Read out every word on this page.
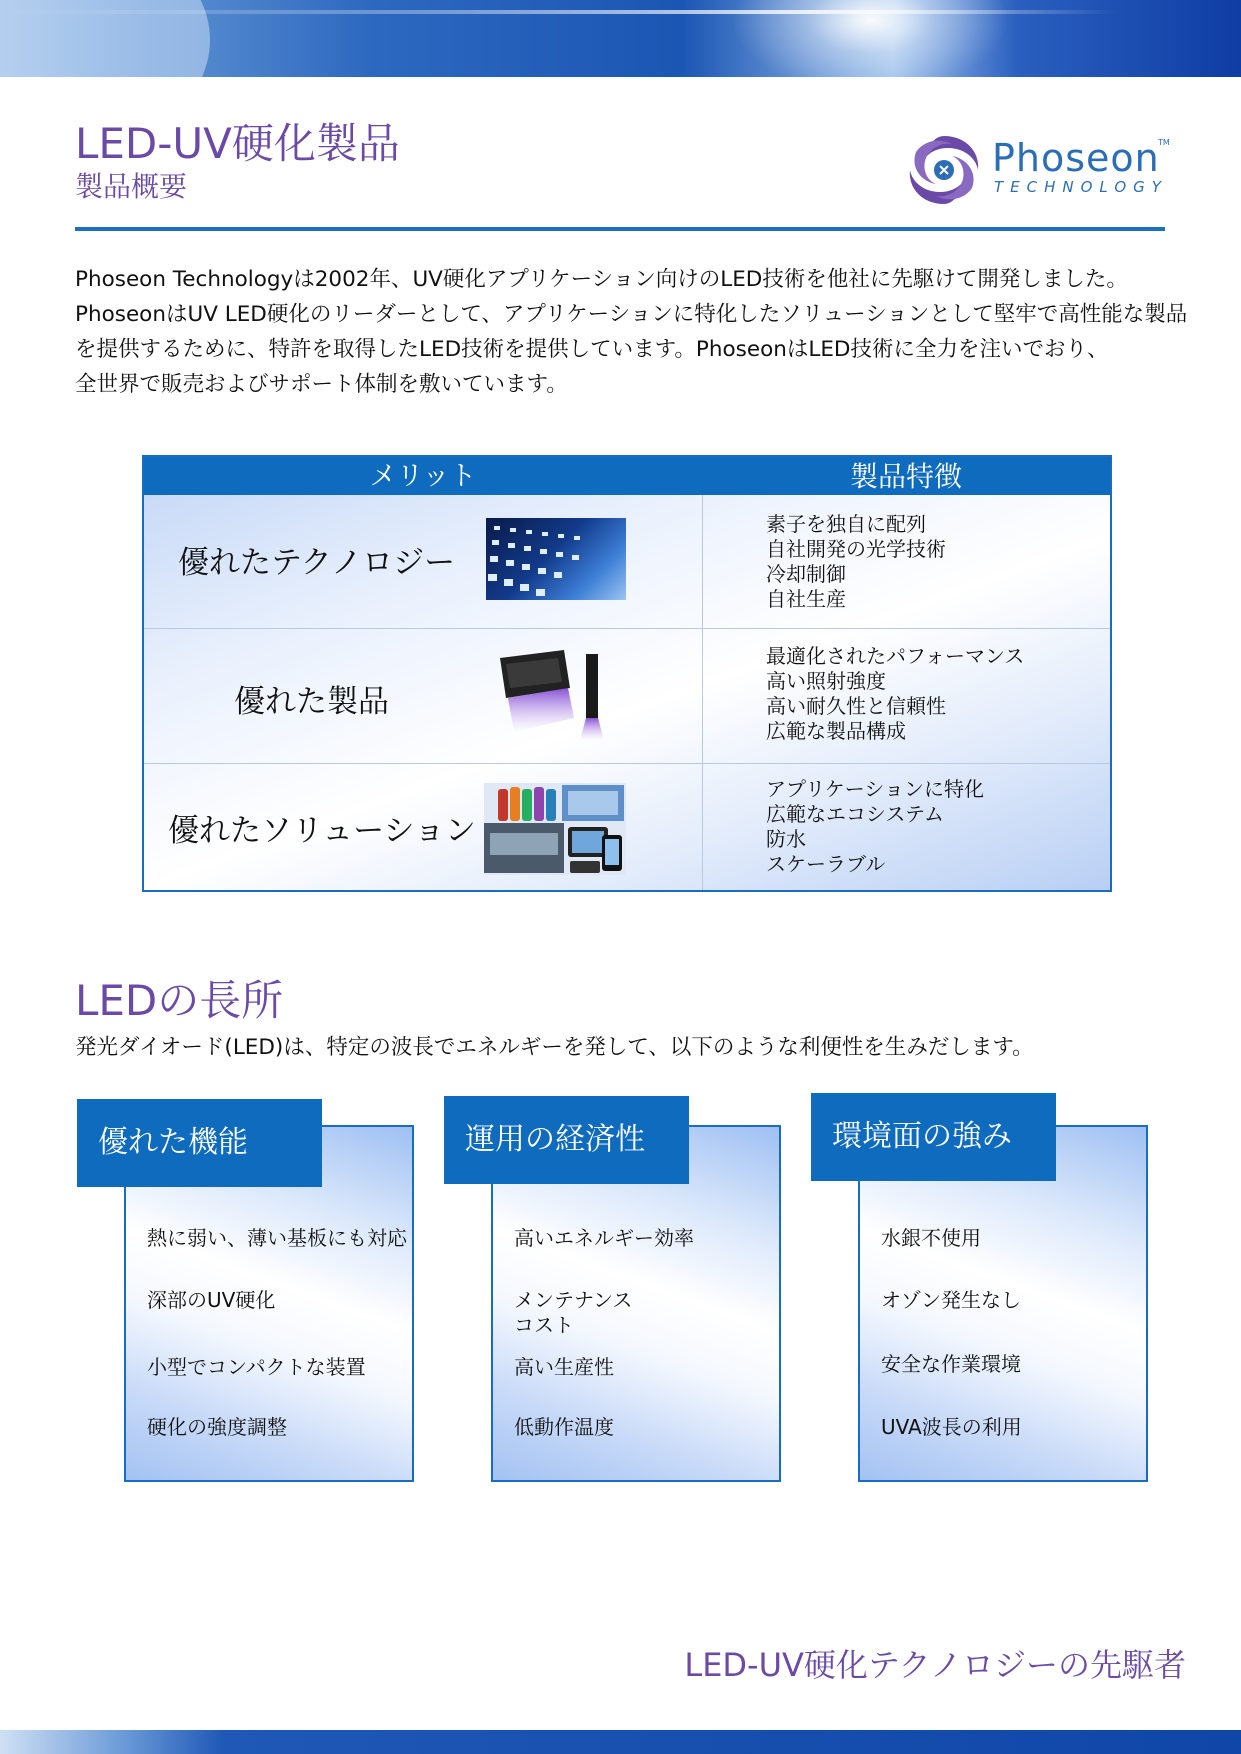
LED-UV硬化製品
製品概要
Phoseon
TM
TECHNOLOGY

Phoseon Technologyは2002年、UV硬化アプリケーション向けのLED技術を他社に先駆けて開発しました。

PhoseonはUV LED硬化のリーダーとして、アプリケーションに特化したソリューションとして堅牢で高性能な製品

を提供するために、特許を取得したLED技術を提供しています。PhoseonはLED技術に全力を注いでおり、

全世界で販売およびサポート体制を敷いています。

メリット	製品特徴
優れたテクノロジー
素子を独自に配列
自社開発の光学技術
冷却制御
自社生産
優れた製品
最適化されたパフォーマンス
高い照射強度
高い耐久性と信頼性
広範な製品構成
優れたソリューション
アプリケーションに特化
広範なエコシステム
防水
スケーラブル
LEDの長所
発光ダイオード(LED)は、特定の波長でエネルギーを発して、以下のような利便性を生みだします。
優れた機能
熱に弱い、薄い基板にも対応
深部のUV硬化
小型でコンパクトな装置
硬化の強度調整
運用の経済性
高いエネルギー効率
メンテナンス
コスト
高い生産性
低動作温度
環境面の強み
水銀不使用
オゾン発生なし
安全な作業環境
UVA波長の利用
LED-UV硬化テクノロジーの先駆者
